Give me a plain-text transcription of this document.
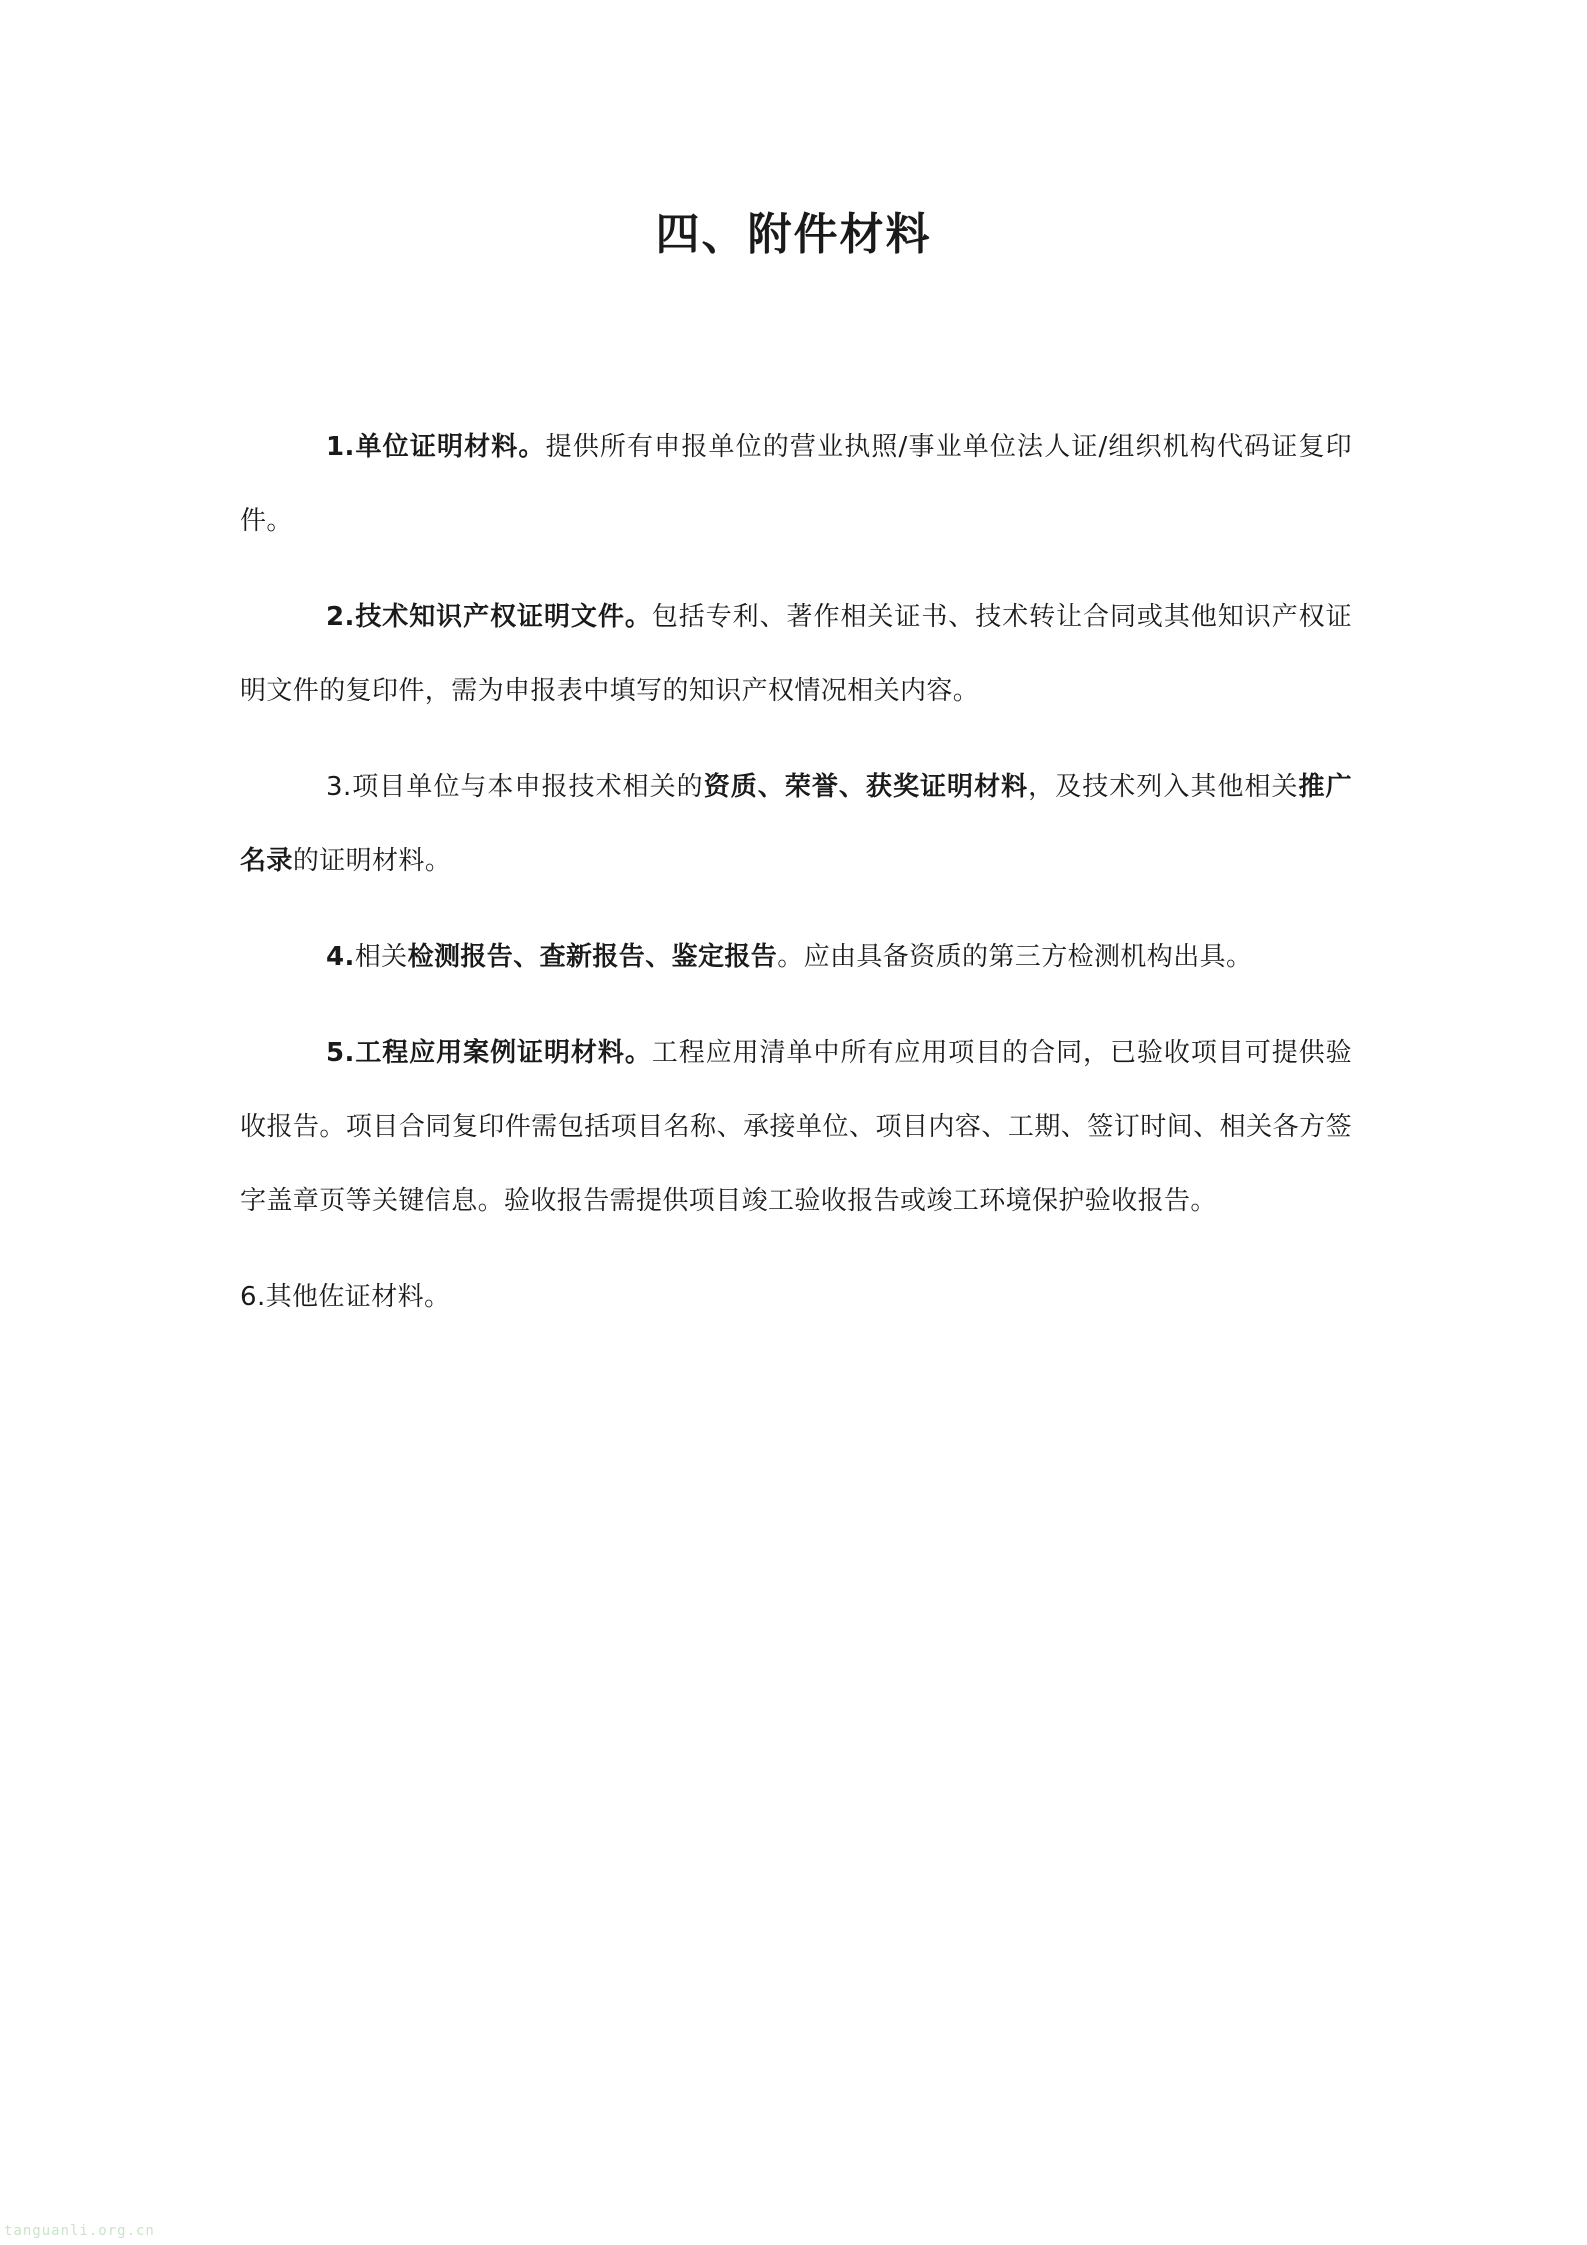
四、附件材料

1.单位证明材料。提供所有申报单位的营业执照/事业单位法人证/组织机构代码证复印件。

2.技术知识产权证明文件。包括专利、著作相关证书、技术转让合同或其他知识产权证明文件的复印件，需为申报表中填写的知识产权情况相关内容。

3.项目单位与本申报技术相关的资质、荣誉、获奖证明材料，及技术列入其他相关推广名录的证明材料。

4.相关检测报告、查新报告、鉴定报告。应由具备资质的第三方检测机构出具。

5.工程应用案例证明材料。工程应用清单中所有应用项目的合同，已验收项目可提供验收报告。项目合同复印件需包括项目名称、承接单位、项目内容、工期、签订时间、相关各方签字盖章页等关键信息。验收报告需提供项目竣工验收报告或竣工环境保护验收报告。

6.其他佐证材料。

tanguanli.org.cn
